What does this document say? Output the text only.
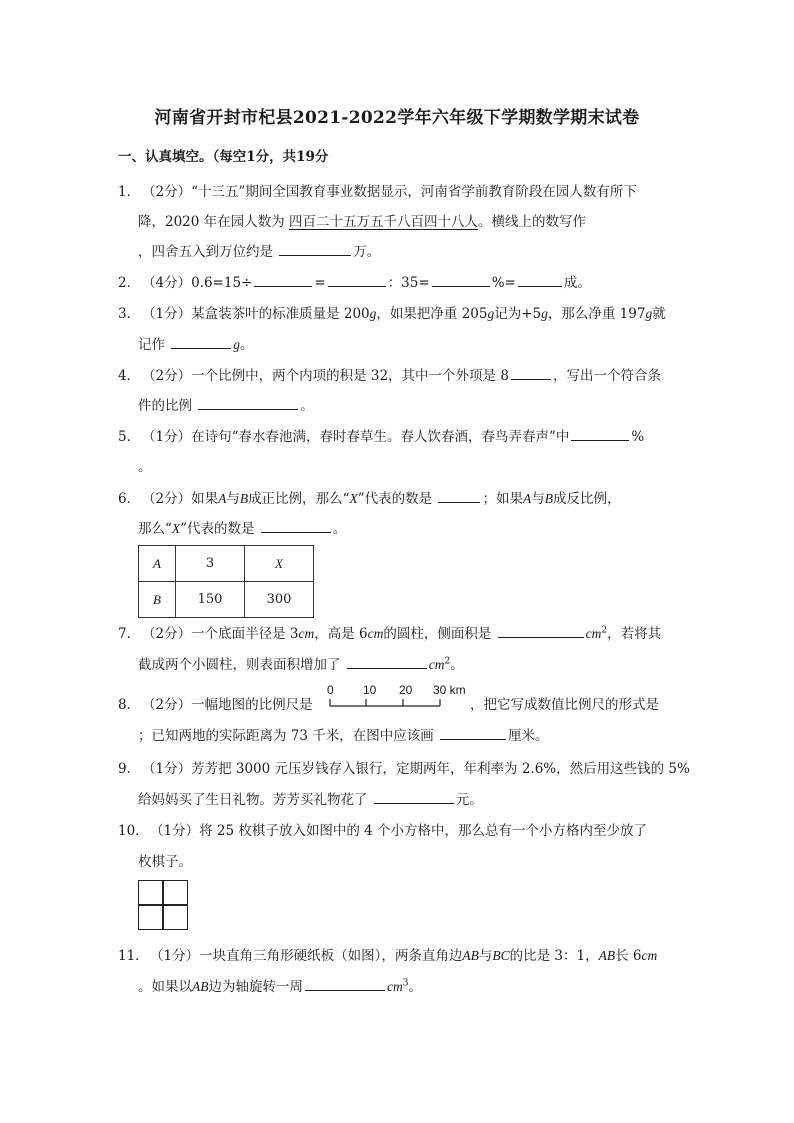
河南省开封市杞县2021-2022学年六年级下学期数学期末试卷
一、认真填空。（每空1分，共19分
1． （2分）“十三五”期间全国教育事业数据显示，河南省学前教育阶段在园人数有所下
降，2020 年在园人数为 四百二十五万五千八百四十八人。横线上的数写作
，四舍五入到万位约是	万。
2． （4分）0.6=15÷	=	：35=	%=	成。
3． （1分）某盒装茶叶的标准质量是 200g，如果把净重 205g记为+5g，那么净重 197g就
记作	g。
4． （2分）一个比例中，两个内项的积是 32，其中一个外项是 8	，写出一个符合条
件的比例	。
5． （1分）在诗句“春水春池满，春时春草生。春人饮春酒，春鸟弄春声”中	%
。
6． （2分）如果A与B成正比例，那么“X”代表的数是	；如果A与B成反比例，
那么“X”代表的数是	。
A	3	X
B	150	300
7． （2分）一个底面半径是 3cm，高是 6cm的圆柱，侧面积是	$cm^2$，若将其
截成两个小圆柱，则表面积增加了	$cm^2$。
8． （2分）一幅地图的比例尺是
0 10 20 30 km
，把它写成数值比例尺的形式是
；已知两地的实际距离为 73 千米，在图中应该画	厘米。
9． （1分）芳芳把 3000 元压岁钱存入银行，定期两年，年利率为 2.6%，然后用这些钱的 5%
给妈妈买了生日礼物。芳芳买礼物花了	元。
10． （1分）将 25 枚棋子放入如图中的 4 个小方格中，那么总有一个小方格内至少放了
枚棋子。
11． （1分）一块直角三角形硬纸板（如图），两条直角边AB与BC的比是 3：1，AB长 6cm
。如果以AB边为轴旋转一周	$cm^3$。
